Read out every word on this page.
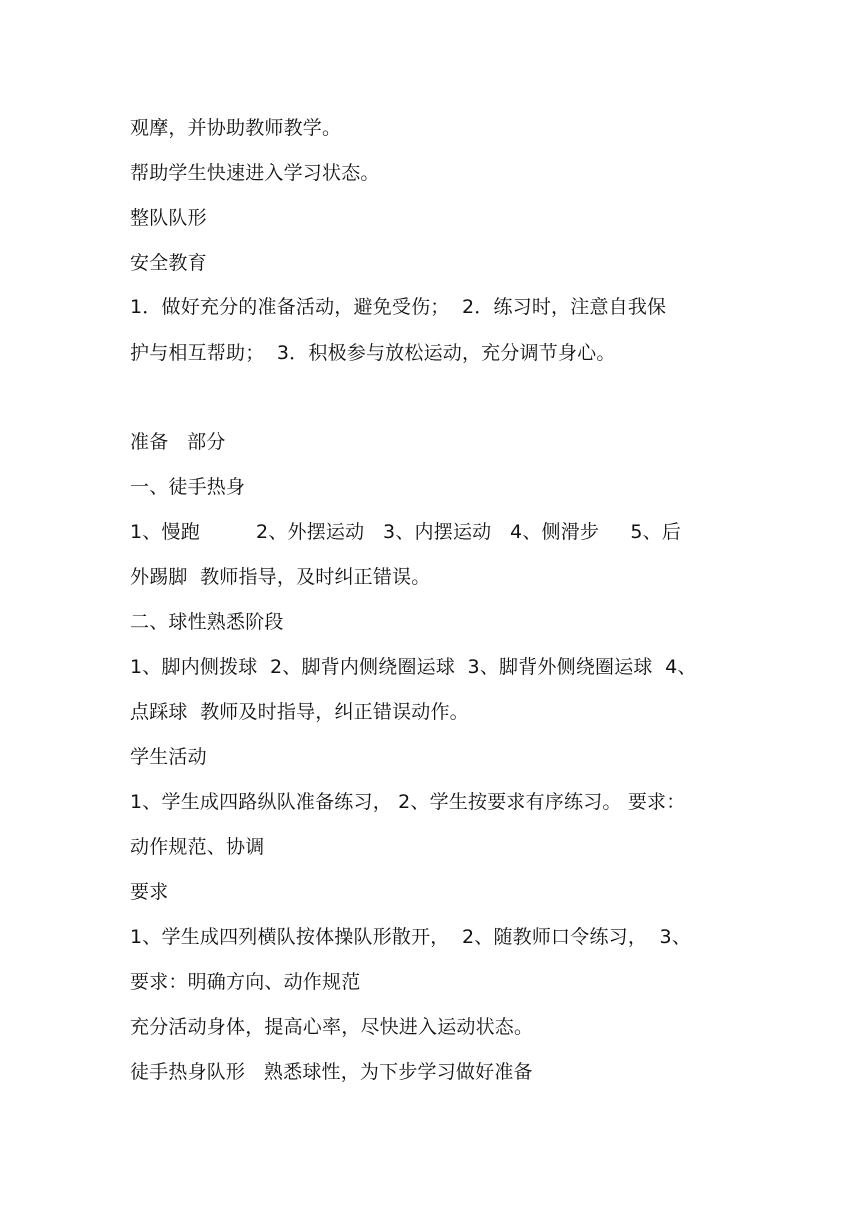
观摩，并协助教师教学。
帮助学生快速进入学习状态。
整队队形
安全教育
1．做好充分的准备活动，避免受伤；  2．练习时，注意自我保
护与相互帮助；  3．积极参与放松运动，充分调节身心。
准备   部分
一、徒手热身
1、慢跑         2、外摆运动   3、内摆运动   4、侧滑步     5、后
外踢脚  教师指导，及时纠正错误。
二、球性熟悉阶段
1、脚内侧拨球  2、脚背内侧绕圈运球  3、脚背外侧绕圈运球  4、
点踩球  教师及时指导，纠正错误动作。
学生活动
1、学生成四路纵队准备练习， 2、学生按要求有序练习。 要求：
动作规范、协调
要求
1、学生成四列横队按体操队形散开，  2、随教师口令练习，  3、
要求：明确方向、动作规范
充分活动身体，提高心率，尽快进入运动状态。
徒手热身队形   熟悉球性，为下步学习做好准备
